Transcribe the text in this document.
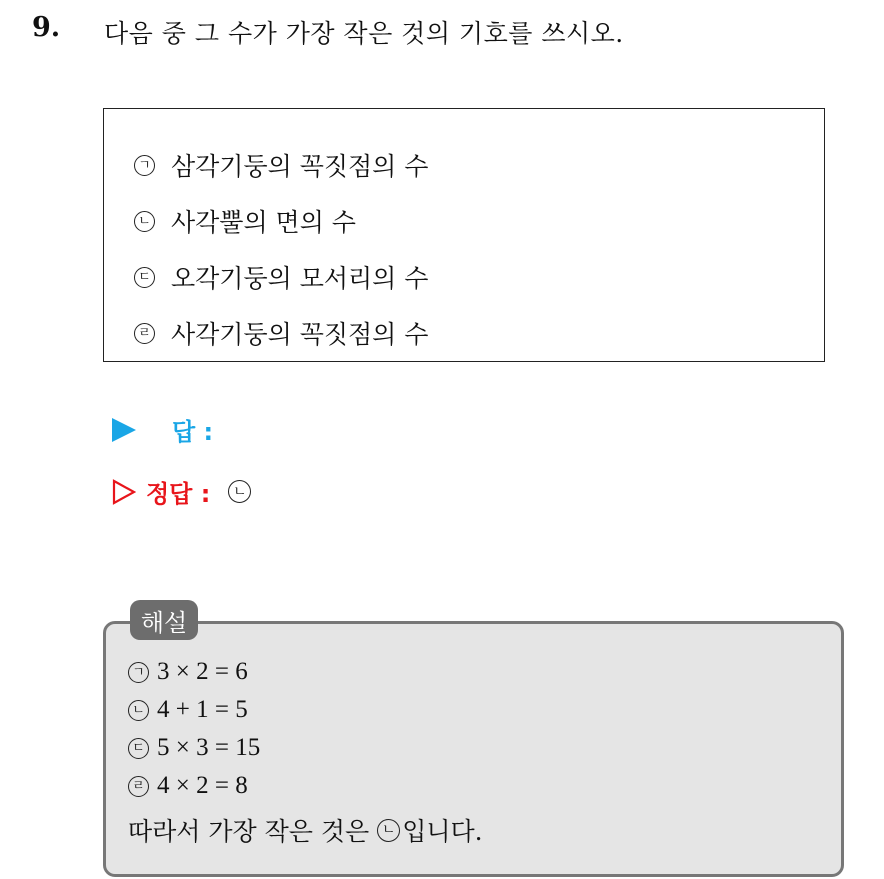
9. 다음 중 그 수가 가장 작은 것의 기호를 쓰시오.
ㄱ 삼각기둥의 꼭짓점의 수
ㄴ 사각뿔의 면의 수
ㄷ 오각기둥의 모서리의 수
ㄹ 사각기둥의 꼭짓점의 수
답 :
정답 :	ㄴ
ㄱ 3 × 2 = 6
ㄴ 4 + 1 = 5
ㄷ 5 × 3 = 15
ㄹ 4 × 2 = 8
따라서 가장 작은 것은 ㄴ 입니다.
해설
